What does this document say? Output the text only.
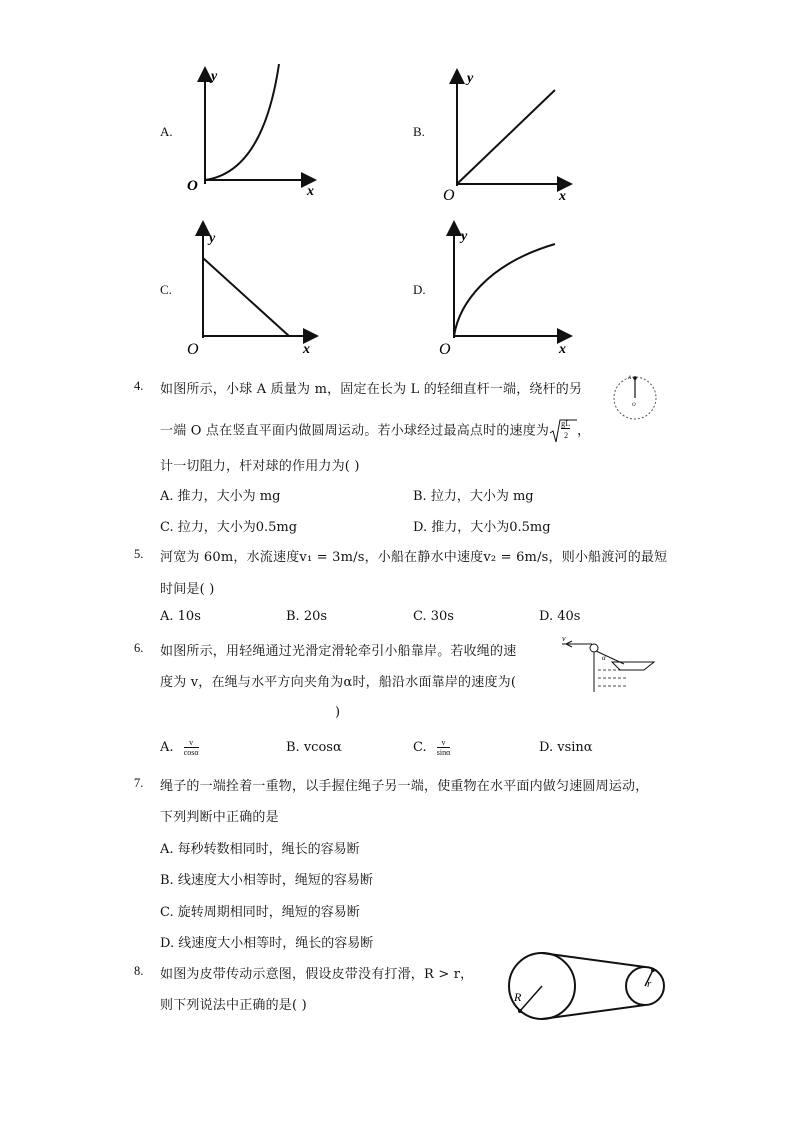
A.
y
x
O
B.
y
x
O
C.
y
x
O
D.
y
x
O
4. 如图所示，小球 A 质量为 m，固定在长为 L 的轻细直杆一端，绕杆的另
一端 O 点在竖直平面内做圆周运动。若小球经过最高点时的速度为 $\frac{gL}{2}$ ，
计一切阻力，杆对球的作用力为( )
A. 推力，大小为 mg	B. 拉力，大小为 mg
C. 拉力，大小为0.5mg	D. 推力，大小为0.5mg
A
O
5. 河宽为 60m，水流速度v₁ = 3m/s，小船在静水中速度v₂ = 6m/s，则小船渡河的最短
时间是( )
A. 10s	B. 20s	C. 30s	D. 40s
6. 如图所示，用轻绳通过光滑定滑轮牵引小船靠岸。若收绳的速
度为 v，在绳与水平方向夹角为α时，船沿水面靠岸的速度为(
)
A. $\frac{v}{\cos\alpha}$	B. vcosα	C. $\frac{v}{\sin\alpha}$	D. vsinα
v
α
7. 绳子的一端拴着一重物，以手握住绳子另一端，使重物在水平面内做匀速圆周运动，
下列判断中正确的是
A. 每秒转数相同时，绳长的容易断
B. 线速度大小相等时，绳短的容易断
C. 旋转周期相同时，绳短的容易断
D. 线速度大小相等时，绳长的容易断
8. 如图为皮带传动示意图，假设皮带没有打滑，R > r，
则下列说法中正确的是( )
R
r
